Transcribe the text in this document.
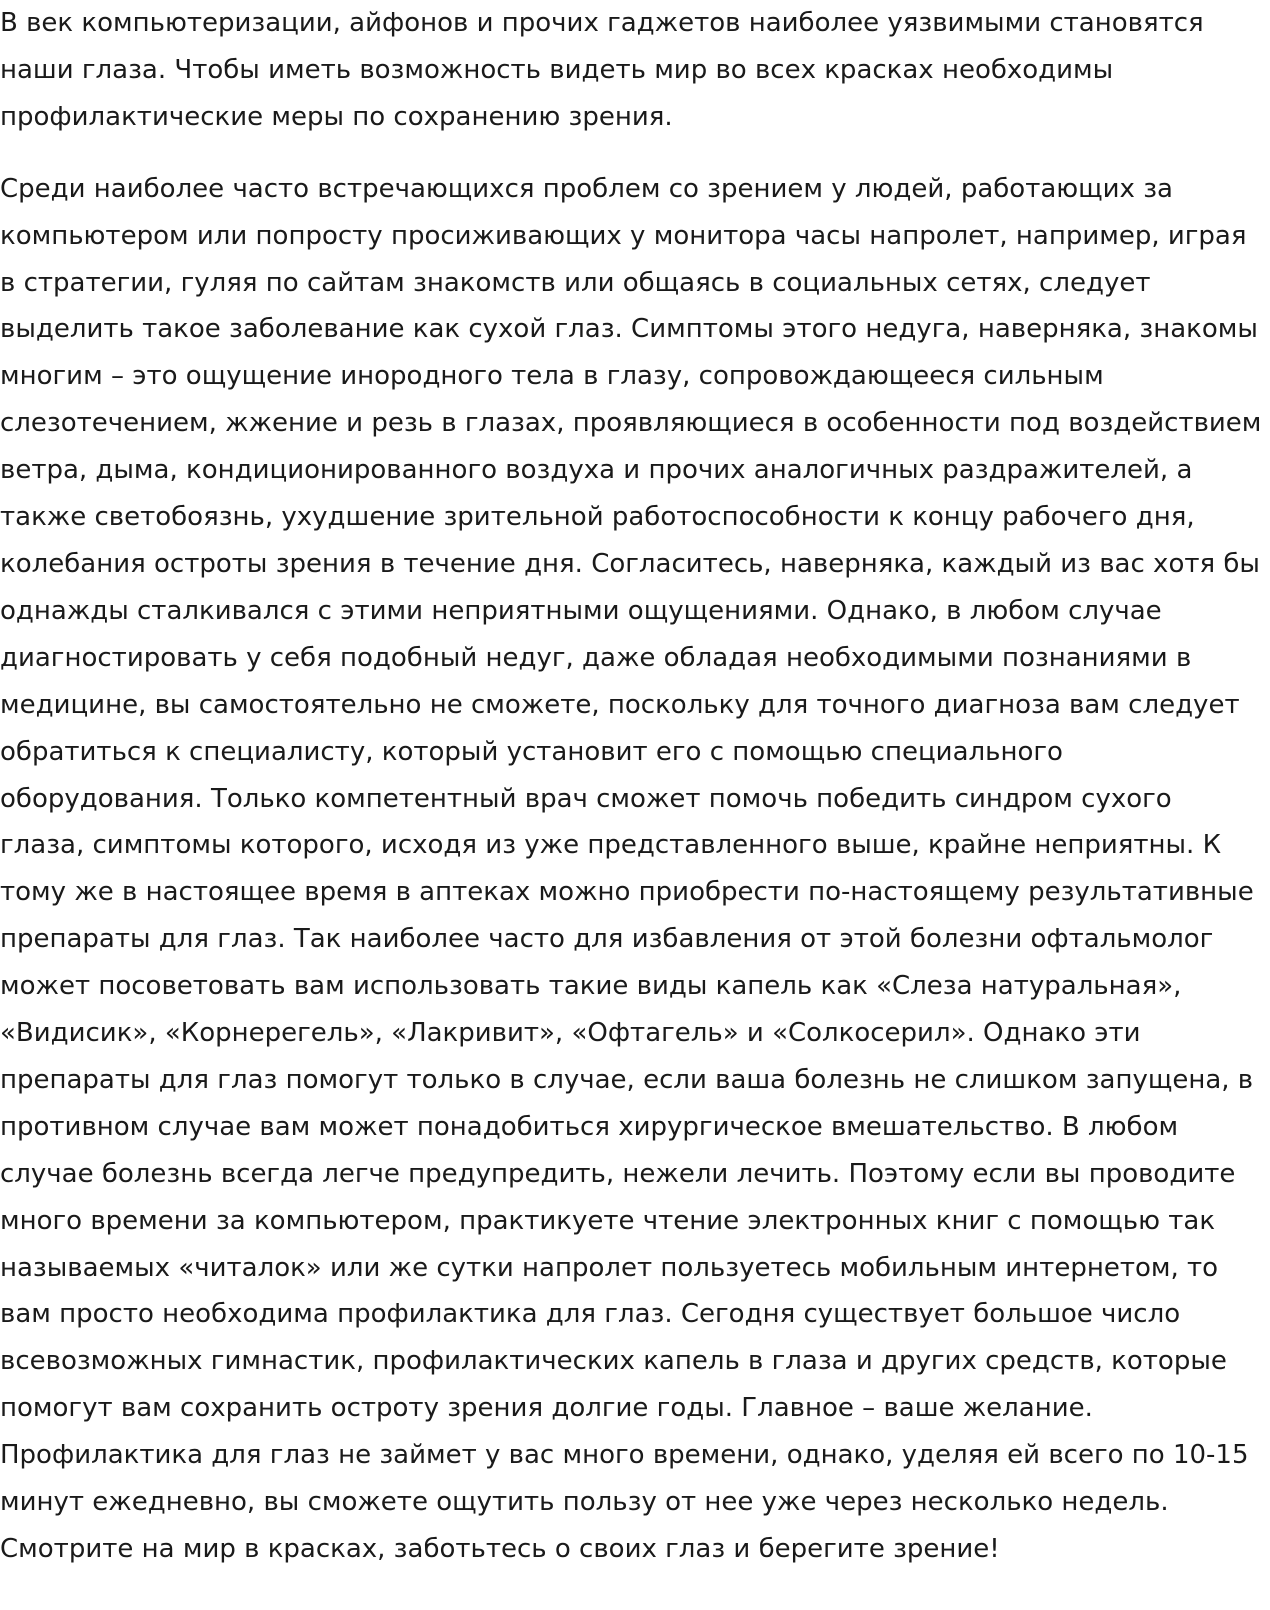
В век компьютеризации, айфонов и прочих гаджетов наиболее уязвимыми становятся наши глаза. Чтобы иметь возможность видеть мир во всех красках необходимы профилактические меры по сохранению зрения.

Среди наиболее часто встречающихся проблем со зрением у людей, работающих за компьютером или попросту просиживающих у монитора часы напролет, например, играя в стратегии, гуляя по сайтам знакомств или общаясь в социальных сетях, следует выделить такое заболевание как сухой глаз. Симптомы этого недуга, наверняка, знакомы многим – это ощущение инородного тела в глазу, сопровождающееся сильным слезотечением, жжение и резь в глазах, проявляющиеся в особенности под воздействием ветра, дыма, кондиционированного воздуха и прочих аналогичных раздражителей, а также светобоязнь, ухудшение зрительной работоспособности к концу рабочего дня, колебания остроты зрения в течение дня. Согласитесь, наверняка, каждый из вас хотя бы однажды сталкивался с этими неприятными ощущениями. Однако, в любом случае диагностировать у себя подобный недуг, даже обладая необходимыми познаниями в медицине, вы самостоятельно не сможете, поскольку для точного диагноза вам следует обратиться к специалисту, который установит его с помощью специального оборудования. Только компетентный врач сможет помочь победить синдром сухого глаза, симптомы которого, исходя из уже представленного выше, крайне неприятны. К тому же в настоящее время в аптеках можно приобрести по-настоящему результативные препараты для глаз. Так наиболее часто для избавления от этой болезни офтальмолог может посоветовать вам использовать такие виды капель как «Слеза натуральная», «Видисик», «Корнерегель», «Лакривит», «Офтагель» и «Солкосерил». Однако эти препараты для глаз помогут только в случае, если ваша болезнь не слишком запущена, в противном случае вам может понадобиться хирургическое вмешательство. В любом случае болезнь всегда легче предупредить, нежели лечить. Поэтому если вы проводите много времени за компьютером, практикуете чтение электронных книг с помощью так называемых «читалок» или же сутки напролет пользуетесь мобильным интернетом, то вам просто необходима профилактика для глаз. Сегодня существует большое число всевозможных гимнастик, профилактических капель в глаза и других средств, которые помогут вам сохранить остроту зрения долгие годы. Главное – ваше желание. Профилактика для глаз не займет у вас много времени, однако, уделяя ей всего по 10-15 минут ежедневно, вы сможете ощутить пользу от нее уже через несколько недель. Смотрите на мир в красках, заботьтесь о своих глаз и берегите зрение!
